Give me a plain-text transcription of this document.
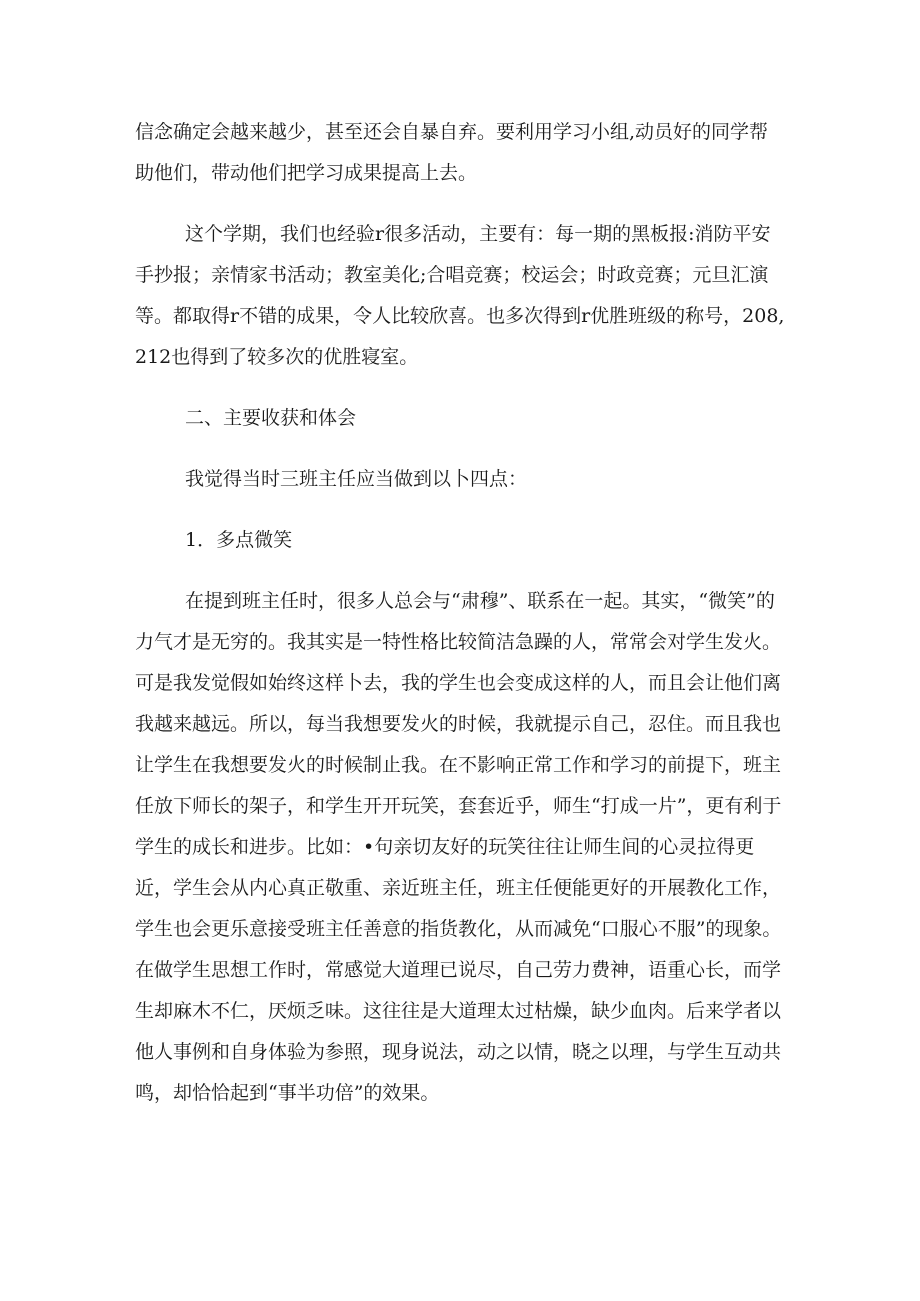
信念确定会越来越少，甚至还会自暴自弃。要利用学习小组,动员好的同学帮助他们，带动他们把学习成果提高上去。

这个学期，我们也经验r很多活动，主要有：每一期的黑板报:消防平安手抄报；亲情家书活动；教室美化;合唱竞赛；校运会；时政竞赛；元旦汇演等。都取得r不错的成果，令人比较欣喜。也多次得到r优胜班级的称号，208,212也得到了较多次的优胜寝室。

二、主要收获和体会

我觉得当时三班主任应当做到以卜四点：

1．多点微笑

在提到班主任时，很多人总会与“肃穆”、联系在一起。其实，“微笑”的力气才是无穷的。我其实是一特性格比较简洁急躁的人，常常会对学生发火。可是我发觉假如始终这样卜去，我的学生也会变成这样的人，而且会让他们离我越来越远。所以，每当我想要发火的时候，我就提示自己，忍住。而且我也让学生在我想要发火的时候制止我。在不影响正常工作和学习的前提下，班主任放下师长的架子，和学生开开玩笑，套套近乎，师生“打成一片”，更有利于学生的成长和进步。比如：•句亲切友好的玩笑往往让师生间的心灵拉得更近，学生会从内心真正敬重、亲近班主任，班主任便能更好的开展教化工作，学生也会更乐意接受班主任善意的指货教化，从而减免“口服心不服”的现象。在做学生思想工作时，常感觉大道理已说尽，自己劳力费神，语重心长，而学生却麻木不仁，厌烦乏味。这往往是大道理太过枯燥，缺少血肉。后来学者以他人事例和自身体验为参照，现身说法，动之以情，晓之以理，与学生互动共鸣，却恰恰起到“事半功倍”的效果。
